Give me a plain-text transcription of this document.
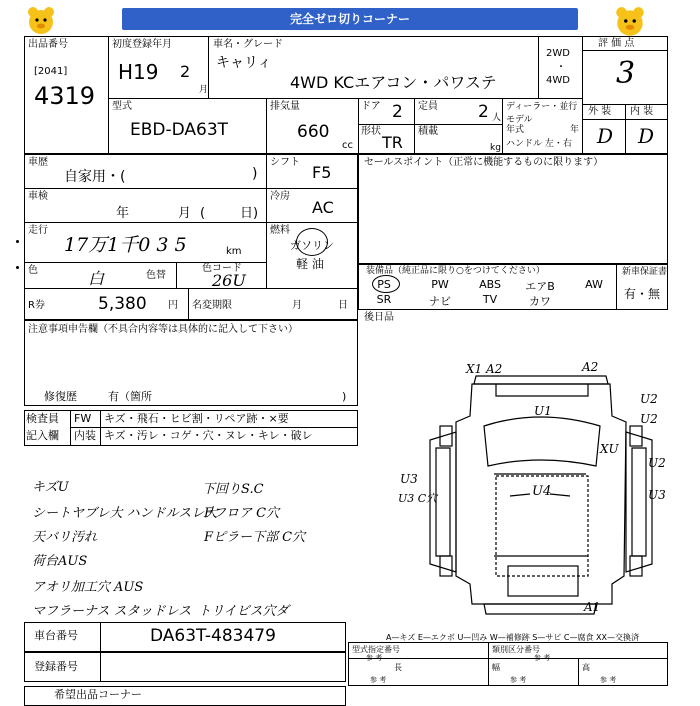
完全ゼロ切りコーナー
出品番号
[2041]
4319
初度登録年月
H19 2
月
車名・グレード
キャリィ
4WD KCエアコン・パワステ
2WD
・
4WD
評 価 点
3
外 装 内 装
D D
型式
EBD-DA63T
排気量
660
cc
ドア 2 定員 2 人
形状
TR
積載
kg
ディーラー・並行
モデル
年式	年
ハンドル 左・右
車歴
自家用・(	)
シフト
F5
車検
年	月 (	日)
冷房
AC
走行
17万1千0 3 5	km
燃料
ガソリン
軽 油
色	白	色替
色コード
26U
R券	5,380 円 名変期限	月	日
セールスポイント（正常に機能するものに限ります）
装備品（純正品に限り○をつけてください）	新車保証書
有・無
PS	PW	ABS	エアB	AW
SR	ナビ	TV	カワ
後日品
注意事項申告欄（不具合内容等は具体的に記入して下さい）
修復歴	有（箇所	)
検査員
記入欄
FW キズ・飛石・ヒビ割・リペア跡・×要
内装 キズ・汚レ・コゲ・穴・ヌレ・キレ・破レ
キズU
シートヤブレ大 ハンドルスレ大
天バリ汚れ
荷台AUS
アオリ加工穴 AUS
マフラーナス スタッドレス
下回りS.C
Fフロア C穴
Fピラー下部 C穴
トリイビス穴ダ
X1 A2	A2
U2
U1
U2
XU
U2
U3
U4	U3
U3 C穴
A1
車台番号	DA63T-483479	A—キズ E—エクボ U—凹み W—補修跡 S—サビ C—腐食 XX—交換済
登録番号
型式指定番号
参 考
類別区分番号
参 考
長	幅	高
参 考	参 考	参 考
希望出品コーナー
